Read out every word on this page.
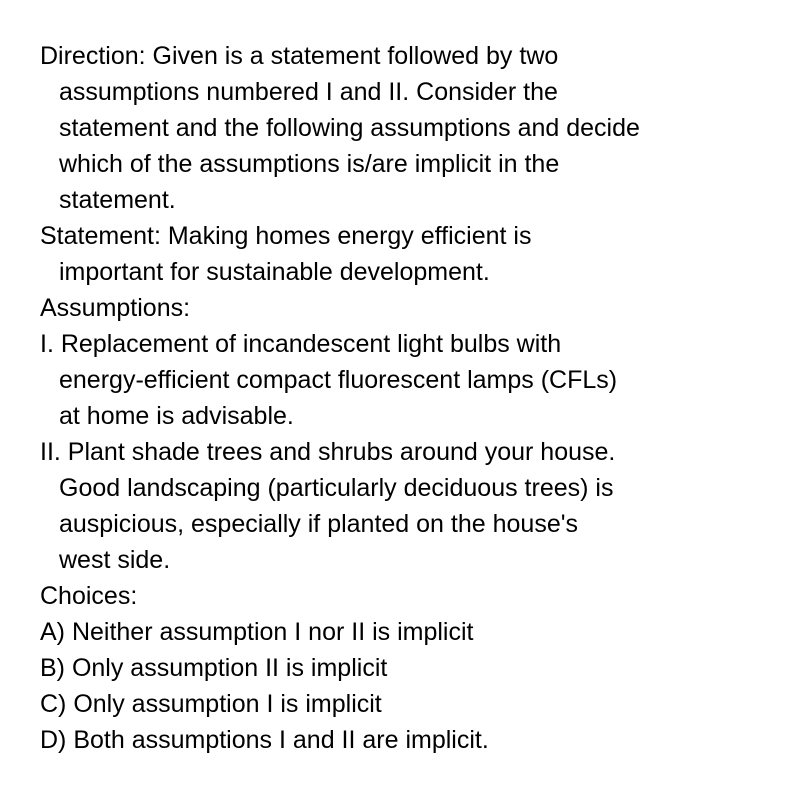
Direction: Given is a statement followed by two
assumptions numbered I and II. Consider the
statement and the following assumptions and decide
which of the assumptions is/are implicit in the
statement.
Statement: Making homes energy efficient is
important for sustainable development.
Assumptions:
I. Replacement of incandescent light bulbs with
energy-efficient compact fluorescent lamps (CFLs)
at home is advisable.
II. Plant shade trees and shrubs around your house.
Good landscaping (particularly deciduous trees) is
auspicious, especially if planted on the house's
west side.
Choices:
A) Neither assumption I nor II is implicit
B) Only assumption II is implicit
C) Only assumption I is implicit
D) Both assumptions I and II are implicit.
